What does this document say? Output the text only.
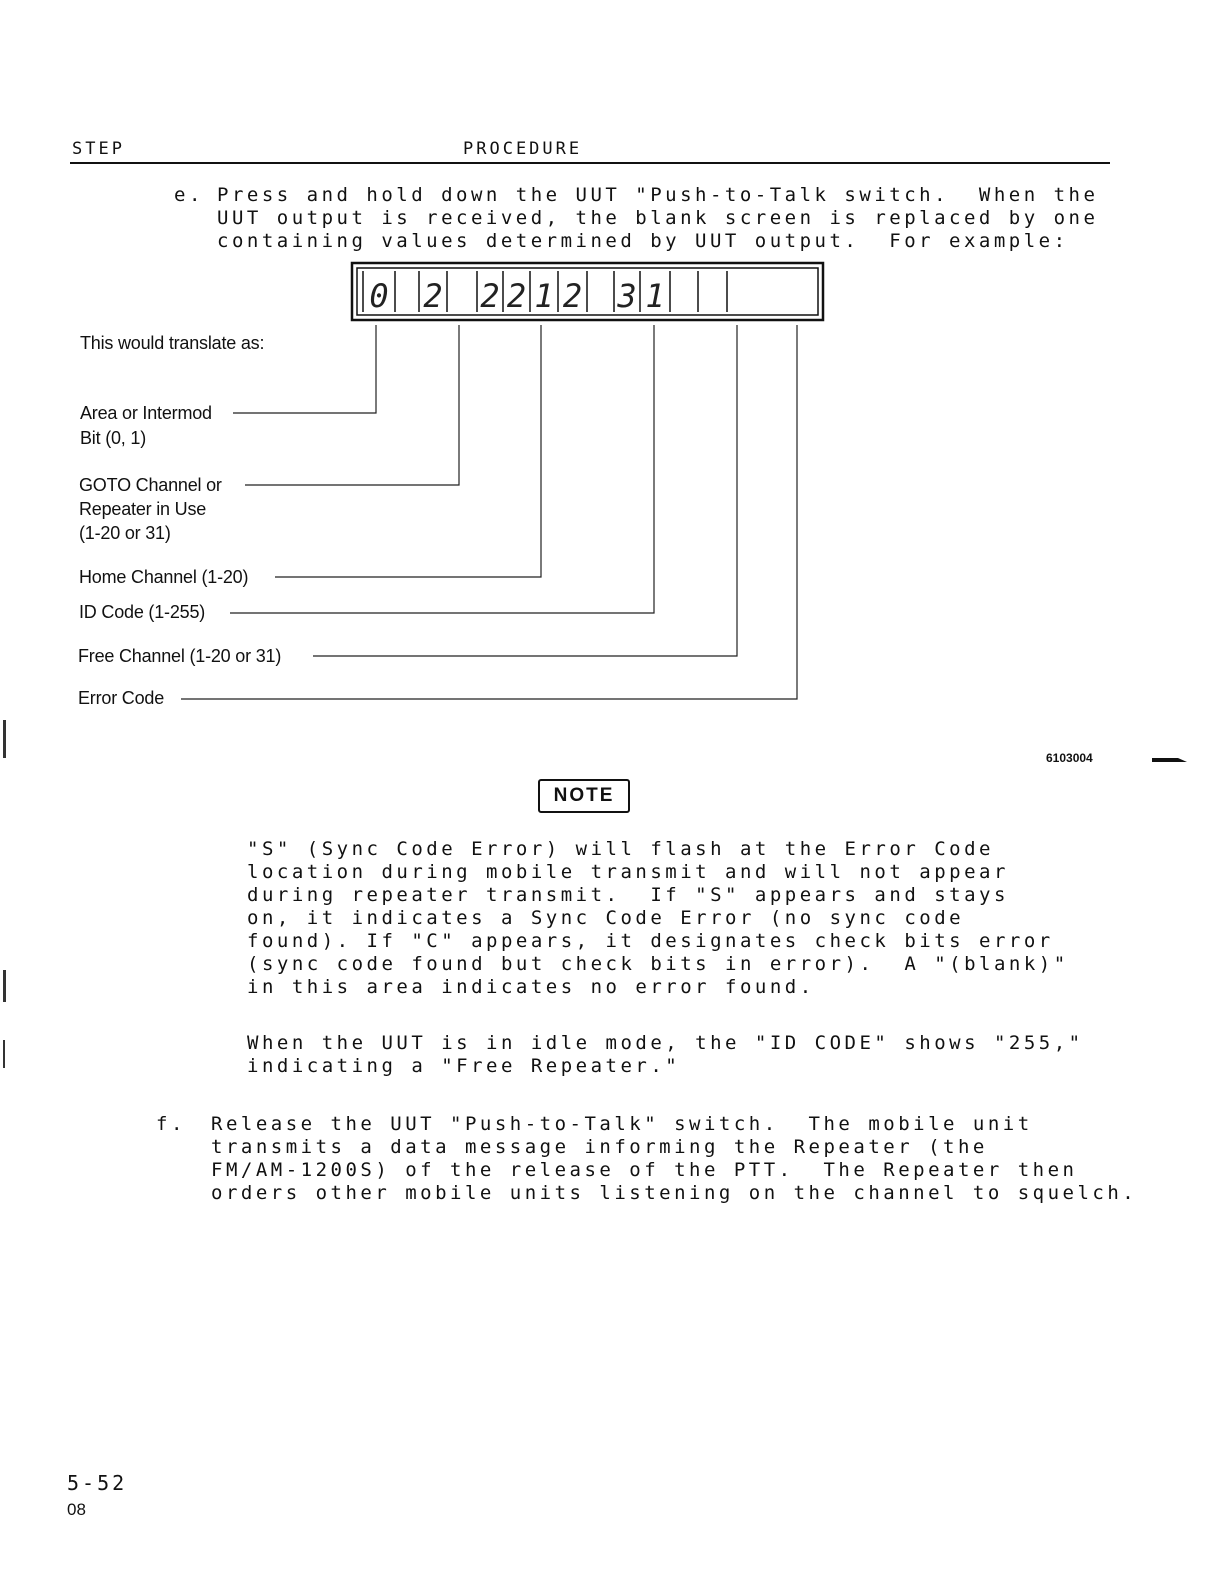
STEP	PROCEDURE
e. Press and hold down the UUT "Push-to-Talk switch.  When the
UUT output is received, the blank screen is replaced by one
containing values determined by UUT output.  For example:
0 2 2 2 1 2 3 1
This would translate as:
Area or Intermod
Bit (0, 1)
GOTO Channel or
Repeater in Use
(1-20 or 31)
Home Channel (1-20)
ID Code (1-255)
Free Channel (1-20 or 31)
Error Code
6103004
NOTE
"S" (Sync Code Error) will flash at the Error Code
location during mobile transmit and will not appear
during repeater transmit.  If "S" appears and stays
on, it indicates a Sync Code Error (no sync code
found). If "C" appears, it designates check bits error
(sync code found but check bits in error).  A "(blank)"
in this area indicates no error found.
When the UUT is in idle mode, the "ID CODE" shows "255,"
indicating a "Free Repeater."
f. Release the UUT "Push-to-Talk" switch.  The mobile unit
transmits a data message informing the Repeater (the
FM/AM-1200S) of the release of the PTT.  The Repeater then
orders other mobile units listening on the channel to squelch.
5-52
08
